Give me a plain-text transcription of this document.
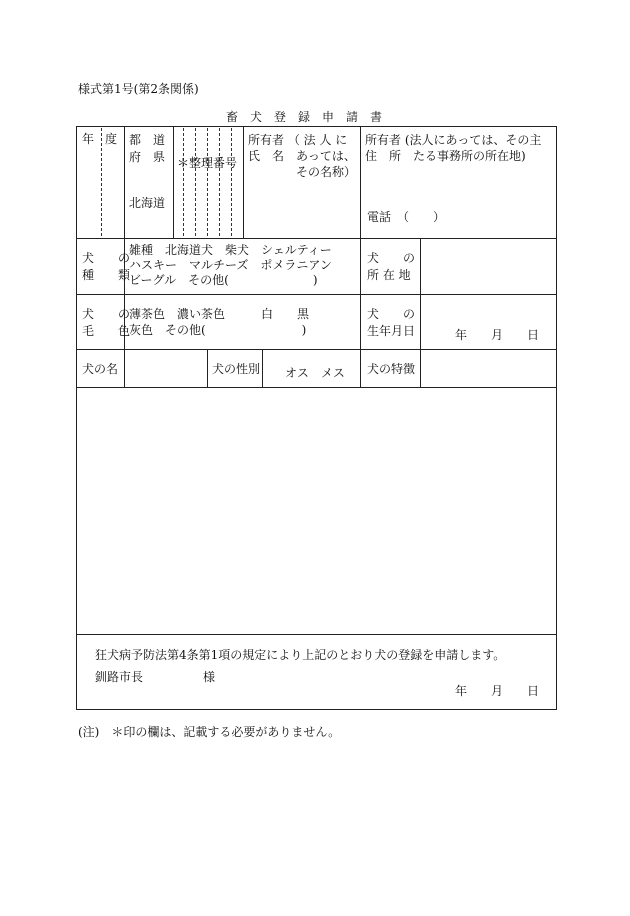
様式第1号(第2条関係)
畜　犬　登　録　申　請　書
年 度 都　道
府　県
北海道
＊整理番号
所有者 （ 法 人 に
氏　名　あっては、
　　　　その名称）
所有者 (法人にあっては、その主
住　所　たる事務所の所在地)
電話　（　　）
犬　　の
種　　類
雑種　北海道犬　柴犬　シェルティー
ハスキー　マルチーズ　ポメラニアン
ビーグル　その他(　　　　　　　)
犬　　の
所 在 地
犬　　の
毛　　色
薄茶色　濃い茶色　　　白　　黒
灰色　その他(　　　　　　　　)
犬　　の
生年月日	年　　月　　日
犬の名	犬の性別 オス　メス 犬の特徴
狂犬病予防法第4条第1項の規定により上記のとおり犬の登録を申請します。
釧路市長　　　　　様
年　　月　　日
(注)　＊印の欄は、記載する必要がありません。
